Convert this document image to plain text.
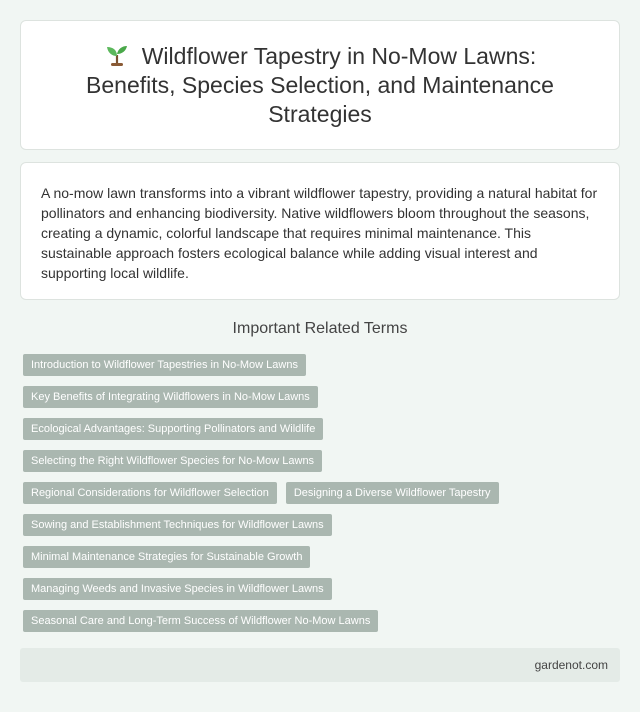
Wildflower Tapestry in No-Mow Lawns: Benefits, Species Selection, and Maintenance Strategies

A no-mow lawn transforms into a vibrant wildflower tapestry, providing a natural habitat for pollinators and enhancing biodiversity. Native wildflowers bloom throughout the seasons, creating a dynamic, colorful landscape that requires minimal maintenance. This sustainable approach fosters ecological balance while adding visual interest and supporting local wildlife.

Important Related Terms
Introduction to Wildflower Tapestries in No-Mow Lawns
Key Benefits of Integrating Wildflowers in No-Mow Lawns
Ecological Advantages: Supporting Pollinators and Wildlife
Selecting the Right Wildflower Species for No-Mow Lawns
Regional Considerations for Wildflower Selection	Designing a Diverse Wildflower Tapestry
Sowing and Establishment Techniques for Wildflower Lawns
Minimal Maintenance Strategies for Sustainable Growth
Managing Weeds and Invasive Species in Wildflower Lawns
Seasonal Care and Long-Term Success of Wildflower No-Mow Lawns
gardenot.com
